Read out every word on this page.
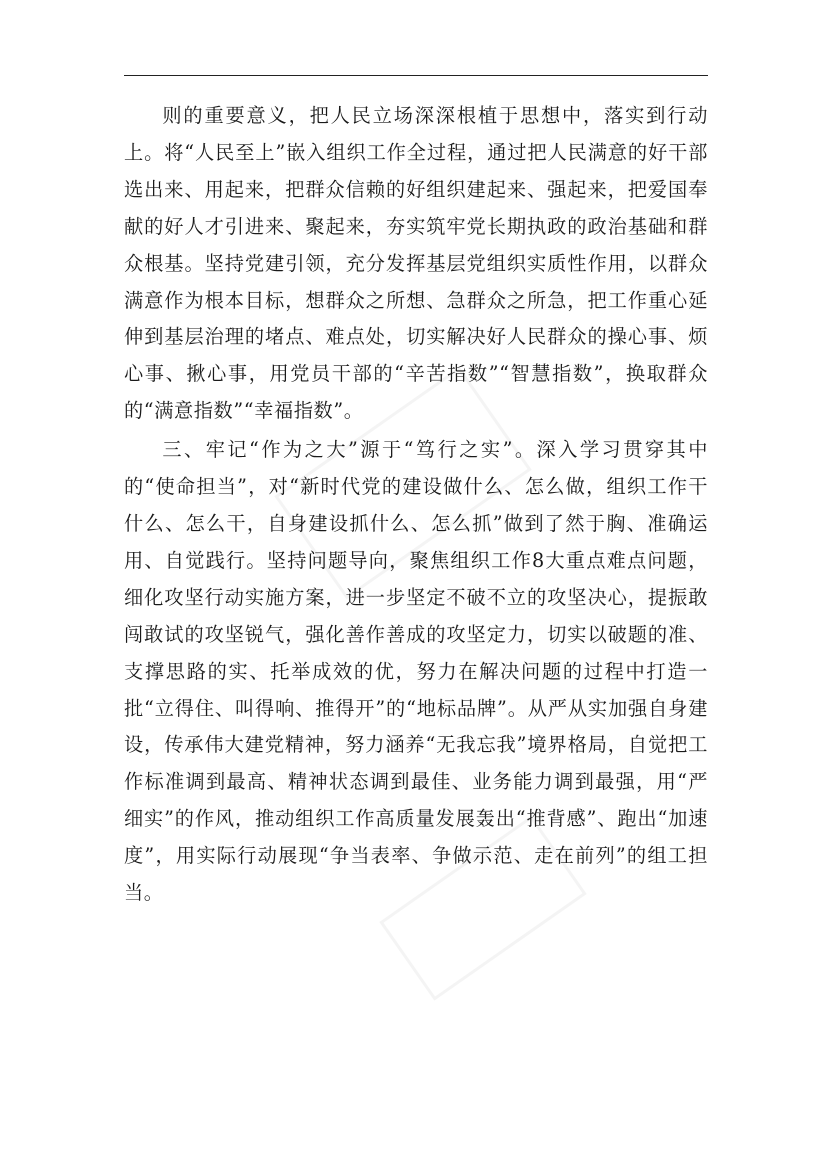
则的重要意义，把人民立场深深根植于思想中，落实到行动上。将“人民至上”嵌入组织工作全过程，通过把人民满意的好干部选出来、用起来，把群众信赖的好组织建起来、强起来，把爱国奉献的好人才引进来、聚起来，夯实筑牢党长期执政的政治基础和群众根基。坚持党建引领，充分发挥基层党组织实质性作用，以群众满意作为根本目标，想群众之所想、急群众之所急，把工作重心延伸到基层治理的堵点、难点处，切实解决好人民群众的操心事、烦心事、揪心事，用党员干部的“辛苦指数”“智慧指数”，换取群众的“满意指数”“幸福指数”。

三、牢记“作为之大”源于“笃行之实”。深入学习贯穿其中的“使命担当”，对“新时代党的建设做什么、怎么做，组织工作干什么、怎么干，自身建设抓什么、怎么抓”做到了然于胸、准确运用、自觉践行。坚持问题导向，聚焦组织工作8大重点难点问题，细化攻坚行动实施方案，进一步坚定不破不立的攻坚决心，提振敢闯敢试的攻坚锐气，强化善作善成的攻坚定力，切实以破题的准、支撑思路的实、托举成效的优，努力在解决问题的过程中打造一批“立得住、叫得响、推得开”的“地标品牌”。从严从实加强自身建设，传承伟大建党精神，努力涵养“无我忘我”境界格局，自觉把工作标准调到最高、精神状态调到最佳、业务能力调到最强，用“严细实”的作风，推动组织工作高质量发展轰出“推背感”、跑出“加速度”，用实际行动展现“争当表率、争做示范、走在前列”的组工担当。
